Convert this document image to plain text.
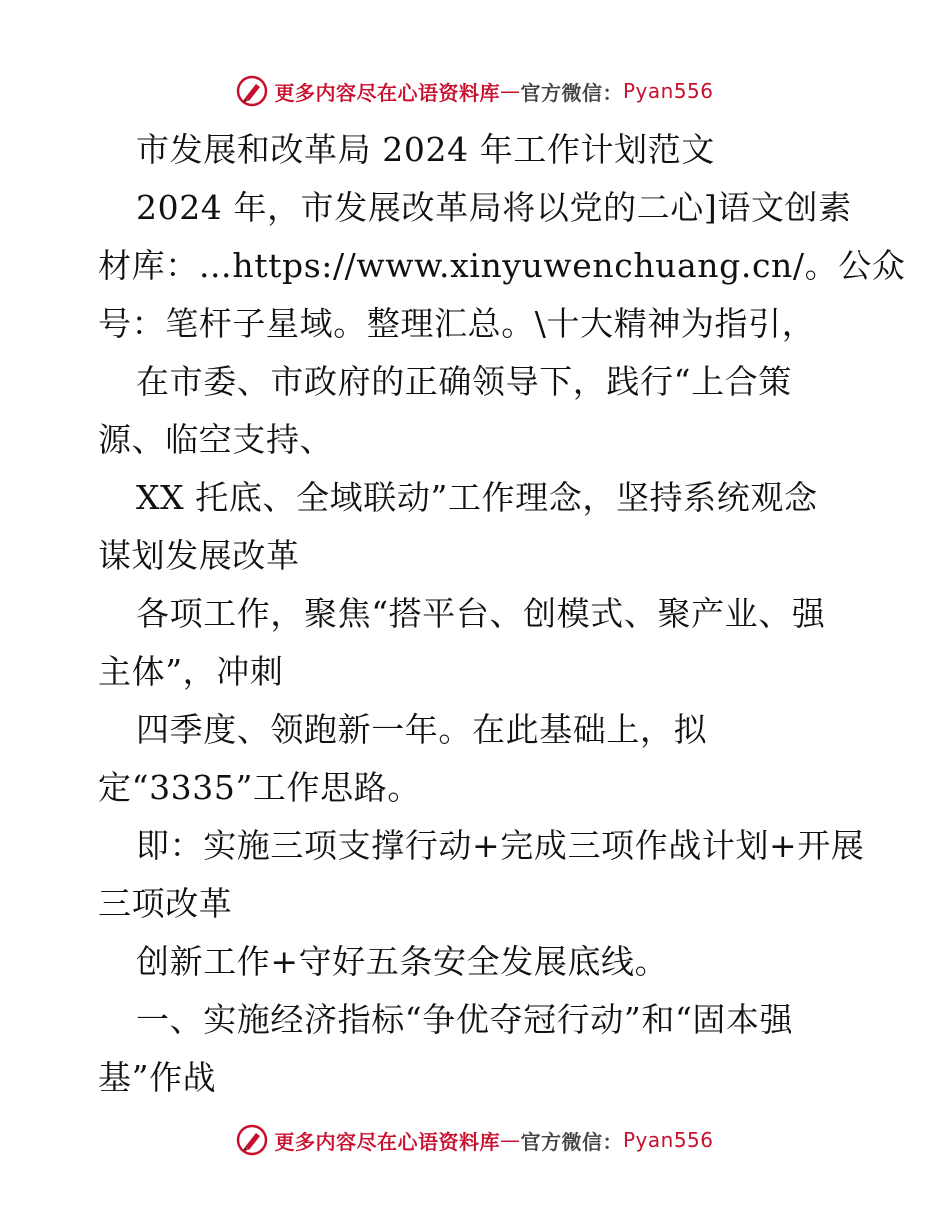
更多内容尽在心语资料库 — 官方微信： Pyan556
市发展和改革局 2024 年工作计划范文
2024 年，市发展改革局将以党的二心]语文创素
材库：…https://www.xinyuwenchuang.cn/。公众
号：笔杆子星域。整理汇总。\十大精神为指引，
在市委、市政府的正确领导下，践行“上合策
源、临空支持、
XX 托底、全域联动”工作理念，坚持系统观念
谋划发展改革
各项工作，聚焦“搭平台、创模式、聚产业、强
主体”，冲刺
四季度、领跑新一年。在此基础上，拟
定“3335”工作思路。
即：实施三项支撑行动+完成三项作战计划+开展
三项改革
创新工作+守好五条安全发展底线。
一、实施经济指标“争优夺冠行动”和“固本强
基”作战
更多内容尽在心语资料库 — 官方微信： Pyan556
